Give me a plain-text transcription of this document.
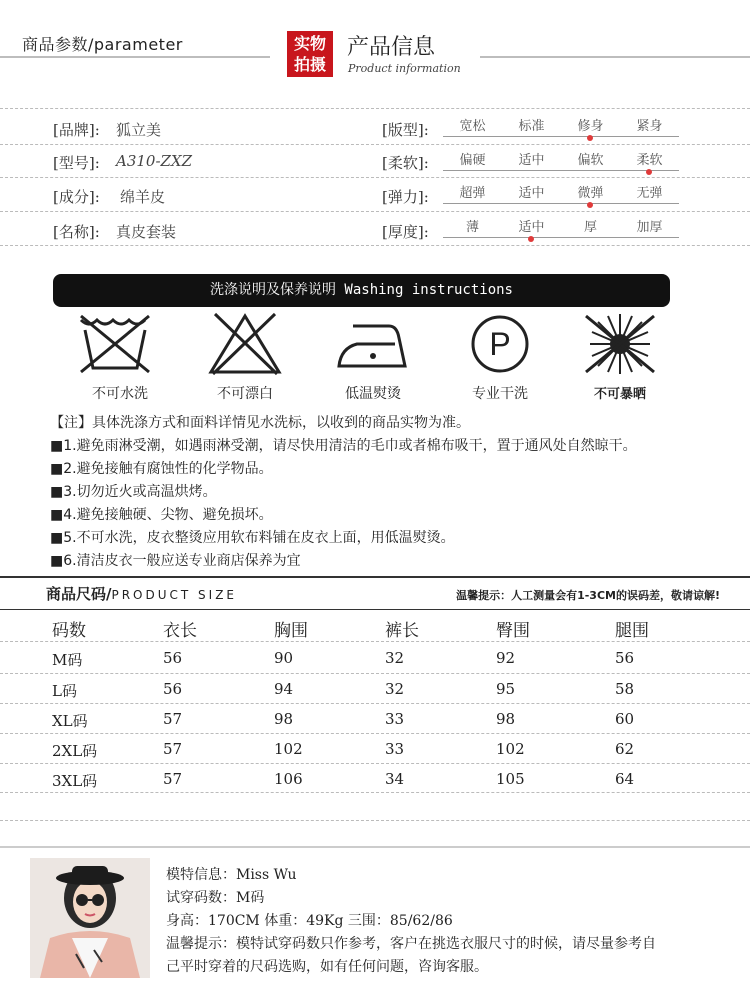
商品参数/parameter	实物
拍摄
产品信息
Product information
[品牌]: 狐立美
[型号]: A310-ZXZ
[成分]: 绵羊皮
[名称]: 真皮套装
[版型]:	宽松	标准	修身	紧身
[柔软]:	偏硬	适中	偏软	柔软
[弹力]:	超弹	适中	微弹	无弹
[厚度]:	薄	适中	厚	加厚
洗涤说明及保养说明 Washing instructions
P
不可水洗	不可漂白	低温熨烫	专业干洗	不可暴晒
【注】具体洗涤方式和面料详情见水洗标，以收到的商品实物为准。
■1.避免雨淋受潮，如遇雨淋受潮，请尽快用清洁的毛巾或者棉布吸干，置于通风处自然晾干。
■2.避免接触有腐蚀性的化学物品。
■3.切勿近火或高温烘烤。
■4.避免接触硬、尖物、避免损坏。
■5.不可水洗，皮衣整烫应用软布料铺在皮衣上面，用低温熨烫。
■6.清洁皮衣一般应送专业商店保养为宜
商品尺码/PRODUCT SIZE	温馨提示：人工测量会有1-3CM的误码差，敬请谅解!
码数	衣长	胸围	裤长	臀围	腿围
M码	56	90	32	92	56
L码	56	94	32	95	58
XL码	57	98	33	98	60
2XL码	57	102	33	102	62
3XL码	57	106	34	105	64
模特信息：Miss Wu
试穿码数：M码
身高：170CM 体重：49Kg 三围：85/62/86
温馨提示：模特试穿码数只作参考，客户在挑选衣服尺寸的时候，请尽量参考自
己平时穿着的尺码选购，如有任何问题，咨询客服。
